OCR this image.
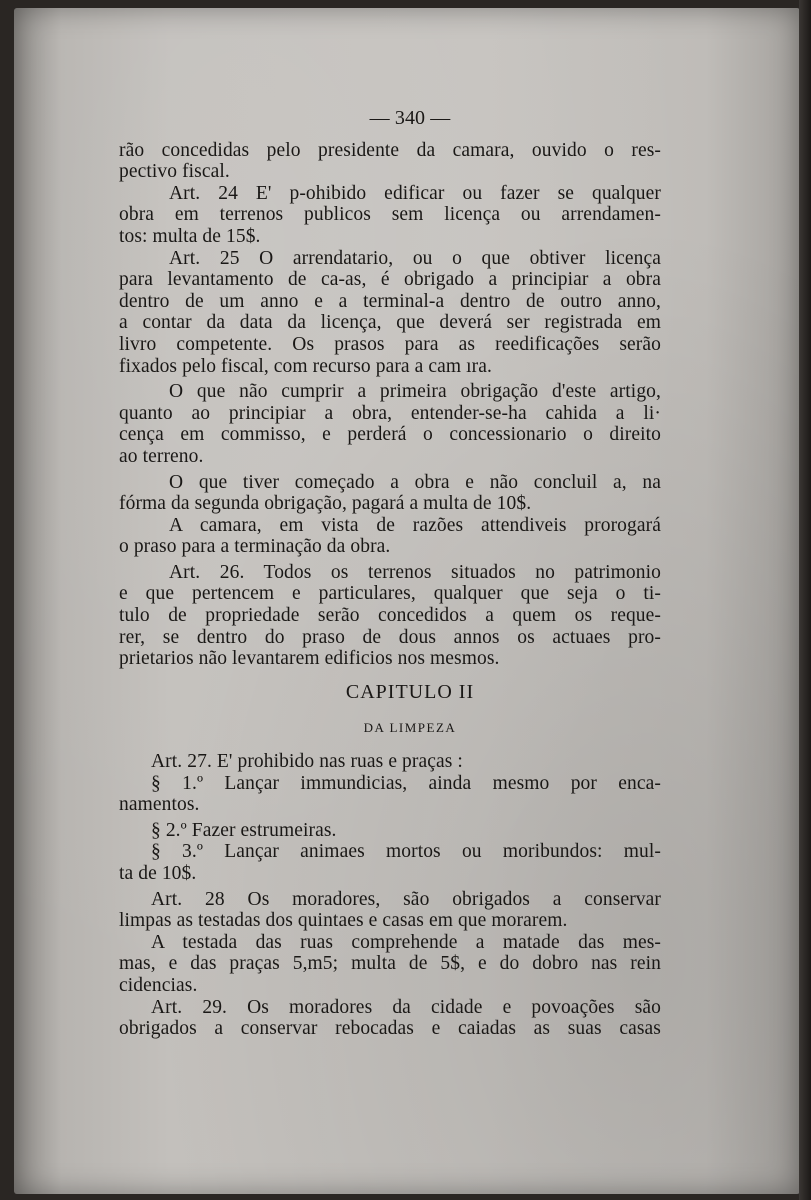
— 340 —
rão concedidas pelo presidente da camara, ouvido o res-
pectivo fiscal.
Art. 24 E' p-ohibido edificar ou fazer se qualquer
obra em terrenos publicos sem licença ou arrendamen-
tos: multa de 15$.
Art. 25 O arrendatario, ou o que obtiver licença
para levantamento de ca-as, é obrigado a principiar a obra
dentro de um anno e a terminal-a dentro de outro anno,
a contar da data da licença, que deverá ser registrada em
livro competente. Os prasos para as reedificações serão
fixados pelo fiscal, com recurso para a cam ıra.
O que não cumprir a primeira obrigação d'este artigo,
quanto ao principiar a obra, entender-se-ha cahida a li·
cença em commisso, e perderá o concessionario o direito
ao terreno.
O que tiver começado a obra e não concluil a, na
fórma da segunda obrigação, pagará a multa de 10$.
A camara, em vista de razões attendiveis prorogará
o praso para a terminação da obra.
Art. 26. Todos os terrenos situados no patrimonio
e que pertencem e particulares, qualquer que seja o ti-
tulo de propriedade serão concedidos a quem os reque-
rer, se dentro do praso de dous annos os actuaes pro-
prietarios não levantarem edificios nos mesmos.
CAPITULO II
DA LIMPEZA
Art. 27. E' prohibido nas ruas e praças :
§ 1.º Lançar immundicias, ainda mesmo por enca-
namentos.
§ 2.º Fazer estrumeiras.
§ 3.º Lançar animaes mortos ou moribundos: mul-
ta de 10$.
Art. 28 Os moradores, são obrigados a conservar
limpas as testadas dos quintaes e casas em que morarem.
A testada das ruas comprehende a matade das mes-
mas, e das praças 5,m5; multa de 5$, e do dobro nas rein
cidencias.
Art. 29. Os moradores da cidade e povoações são
obrigados a conservar rebocadas e caiadas as suas casas
